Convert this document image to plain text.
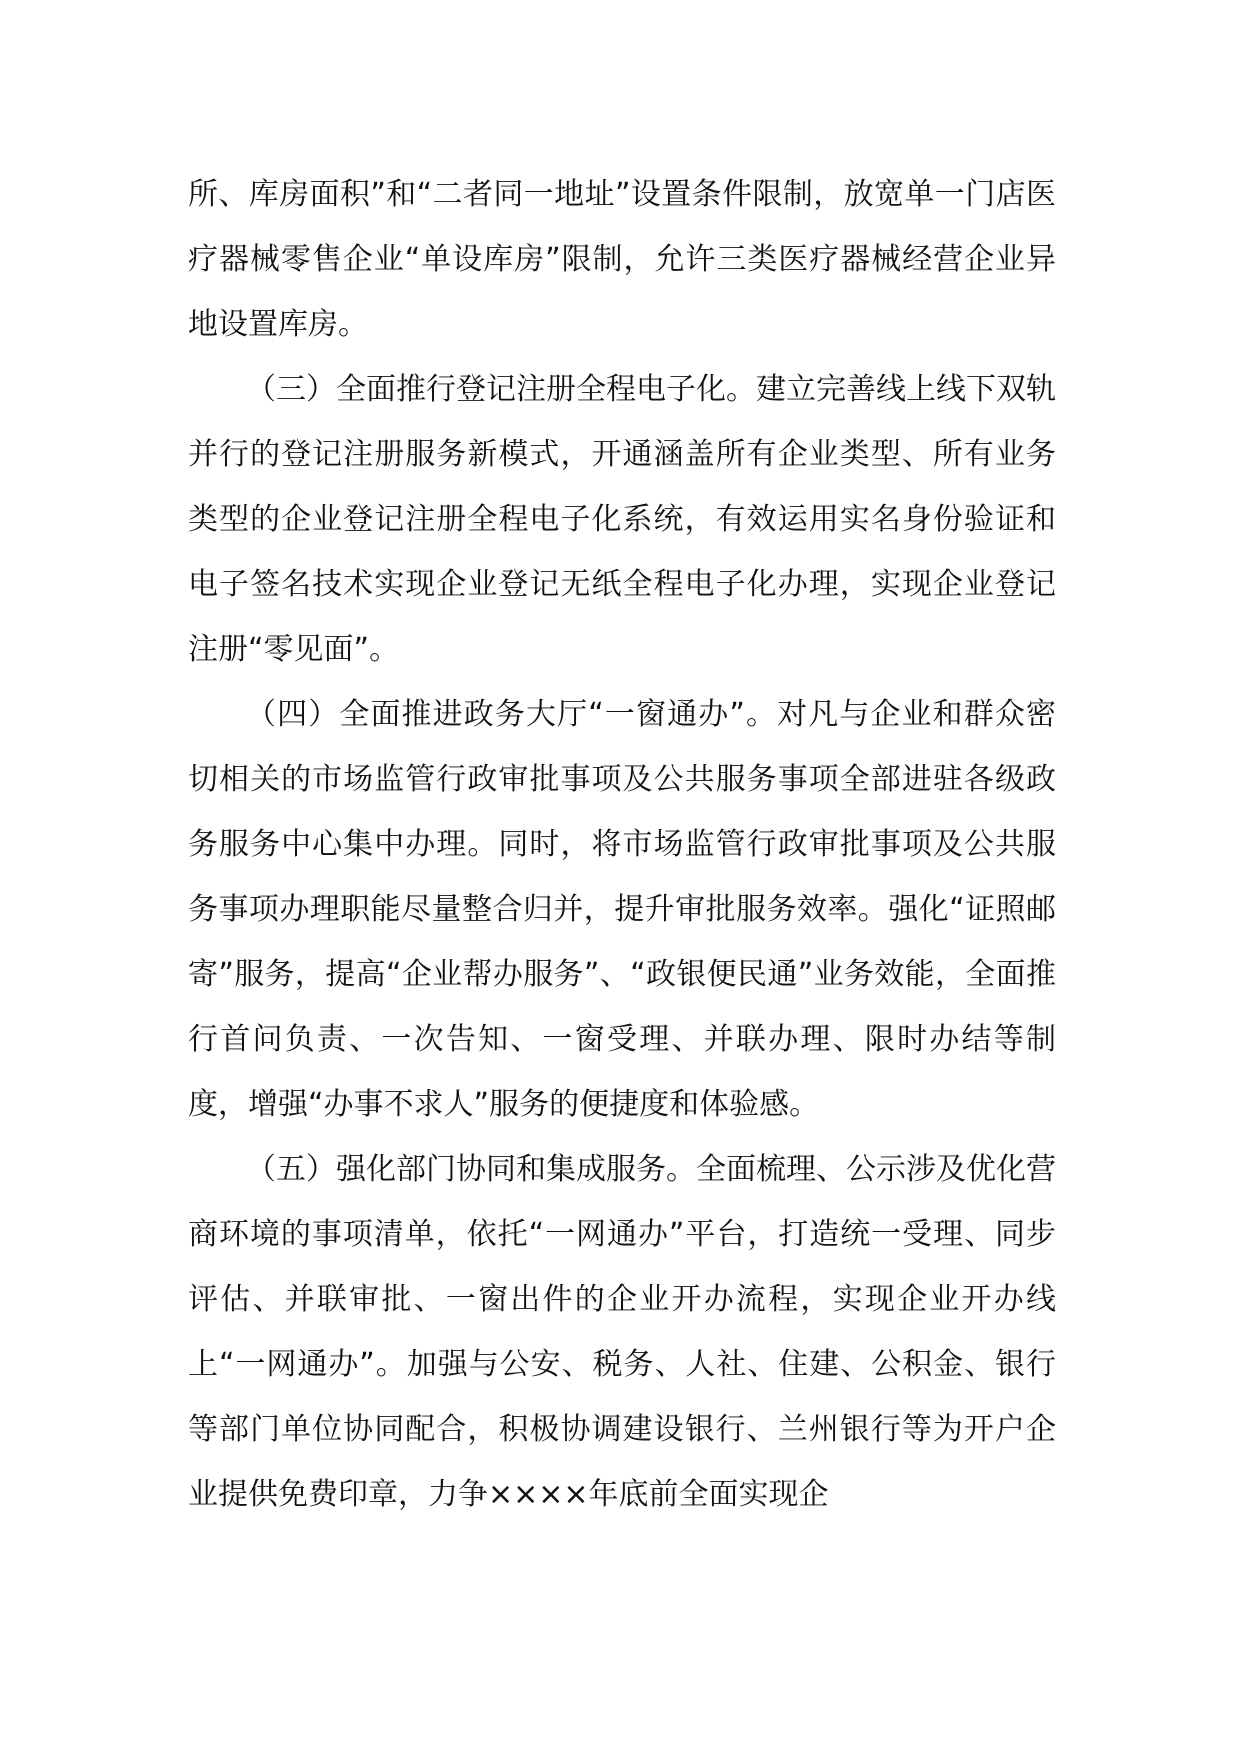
所、库房面积”和“二者同一地址”设置条件限制，放宽单一门店医疗器械零售企业“单设库房”限制，允许三类医疗器械经营企业异地设置库房。

（三）全面推行登记注册全程电子化。建立完善线上线下双轨并行的登记注册服务新模式，开通涵盖所有企业类型、所有业务类型的企业登记注册全程电子化系统，有效运用实名身份验证和电子签名技术实现企业登记无纸全程电子化办理，实现企业登记注册“零见面”。

（四）全面推进政务大厅“一窗通办”。对凡与企业和群众密切相关的市场监管行政审批事项及公共服务事项全部进驻各级政务服务中心集中办理。同时，将市场监管行政审批事项及公共服务事项办理职能尽量整合归并，提升审批服务效率。强化“证照邮寄”服务，提高“企业帮办服务”、“政银便民通”业务效能，全面推行首问负责、一次告知、一窗受理、并联办理、限时办结等制度，增强“办事不求人”服务的便捷度和体验感。

（五）强化部门协同和集成服务。全面梳理、公示涉及优化营商环境的事项清单，依托“一网通办”平台，打造统一受理、同步评估、并联审批、一窗出件的企业开办流程，实现企业开办线上“一网通办”。加强与公安、税务、人社、住建、公积金、银行等部门单位协同配合，积极协调建设银行、兰州银行等为开户企业提供免费印章，力争××××年底前全面实现企
